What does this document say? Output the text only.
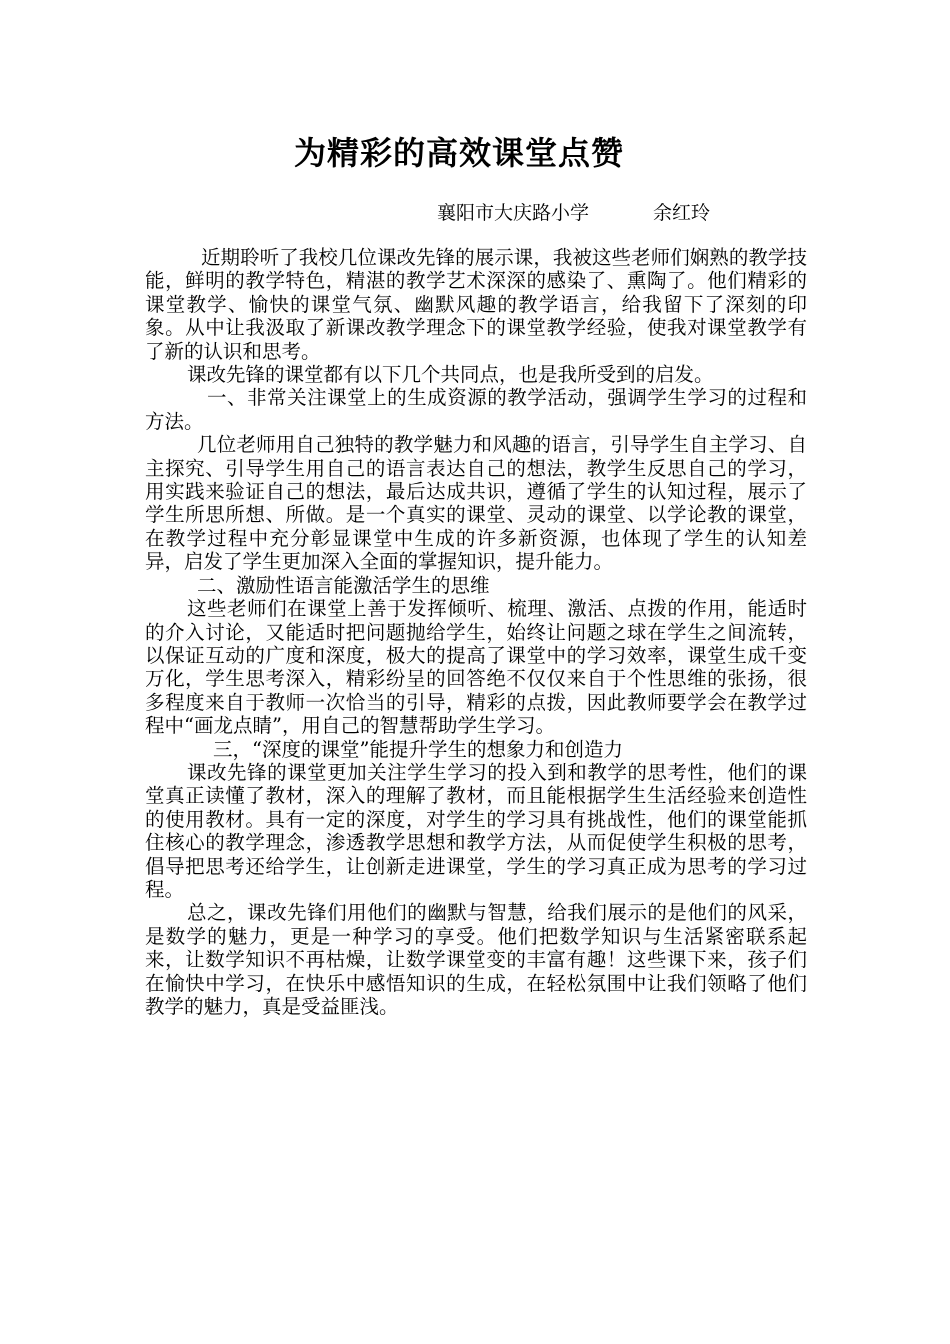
为精彩的高效课堂点赞
襄阳市大庆路小学	余红玲

近期聆听了我校几位课改先锋的展示课，我被这些老师们娴熟的教学技能，鲜明的教学特色，精湛的教学艺术深深的感染了、熏陶了。他们精彩的课堂教学、愉快的课堂气氛、幽默风趣的教学语言，给我留下了深刻的印象。从中让我汲取了新课改教学理念下的课堂教学经验，使我对课堂教学有了新的认识和思考。

课改先锋的课堂都有以下几个共同点，也是我所受到的启发。

一、非常关注课堂上的生成资源的教学活动，强调学生学习的过程和方法。

几位老师用自己独特的教学魅力和风趣的语言，引导学生自主学习、自主探究、引导学生用自己的语言表达自己的想法，教学生反思自己的学习，用实践来验证自己的想法，最后达成共识，遵循了学生的认知过程，展示了学生所思所想、所做。是一个真实的课堂、灵动的课堂、以学论教的课堂，在教学过程中充分彰显课堂中生成的许多新资源，也体现了学生的认知差异，启发了学生更加深入全面的掌握知识，提升能力。

二、激励性语言能激活学生的思维

这些老师们在课堂上善于发挥倾听、梳理、激活、点拨的作用，能适时的介入讨论，又能适时把问题抛给学生，始终让问题之球在学生之间流转，以保证互动的广度和深度，极大的提高了课堂中的学习效率，课堂生成千变万化，学生思考深入，精彩纷呈的回答绝不仅仅来自于个性思维的张扬，很多程度来自于教师一次恰当的引导，精彩的点拨，因此教师要学会在教学过程中“画龙点睛”，用自己的智慧帮助学生学习。

三，“深度的课堂”能提升学生的想象力和创造力

课改先锋的课堂更加关注学生学习的投入到和教学的思考性，他们的课堂真正读懂了教材，深入的理解了教材，而且能根据学生生活经验来创造性的使用教材。具有一定的深度，对学生的学习具有挑战性，他们的课堂能抓住核心的教学理念，渗透教学思想和教学方法，从而促使学生积极的思考，倡导把思考还给学生，让创新走进课堂，学生的学习真正成为思考的学习过程。

总之，课改先锋们用他们的幽默与智慧，给我们展示的是他们的风采，是数学的魅力，更是一种学习的享受。他们把数学知识与生活紧密联系起来，让数学知识不再枯燥，让数学课堂变的丰富有趣！这些课下来，孩子们在愉快中学习，在快乐中感悟知识的生成，在轻松氛围中让我们领略了他们教学的魅力，真是受益匪浅。
